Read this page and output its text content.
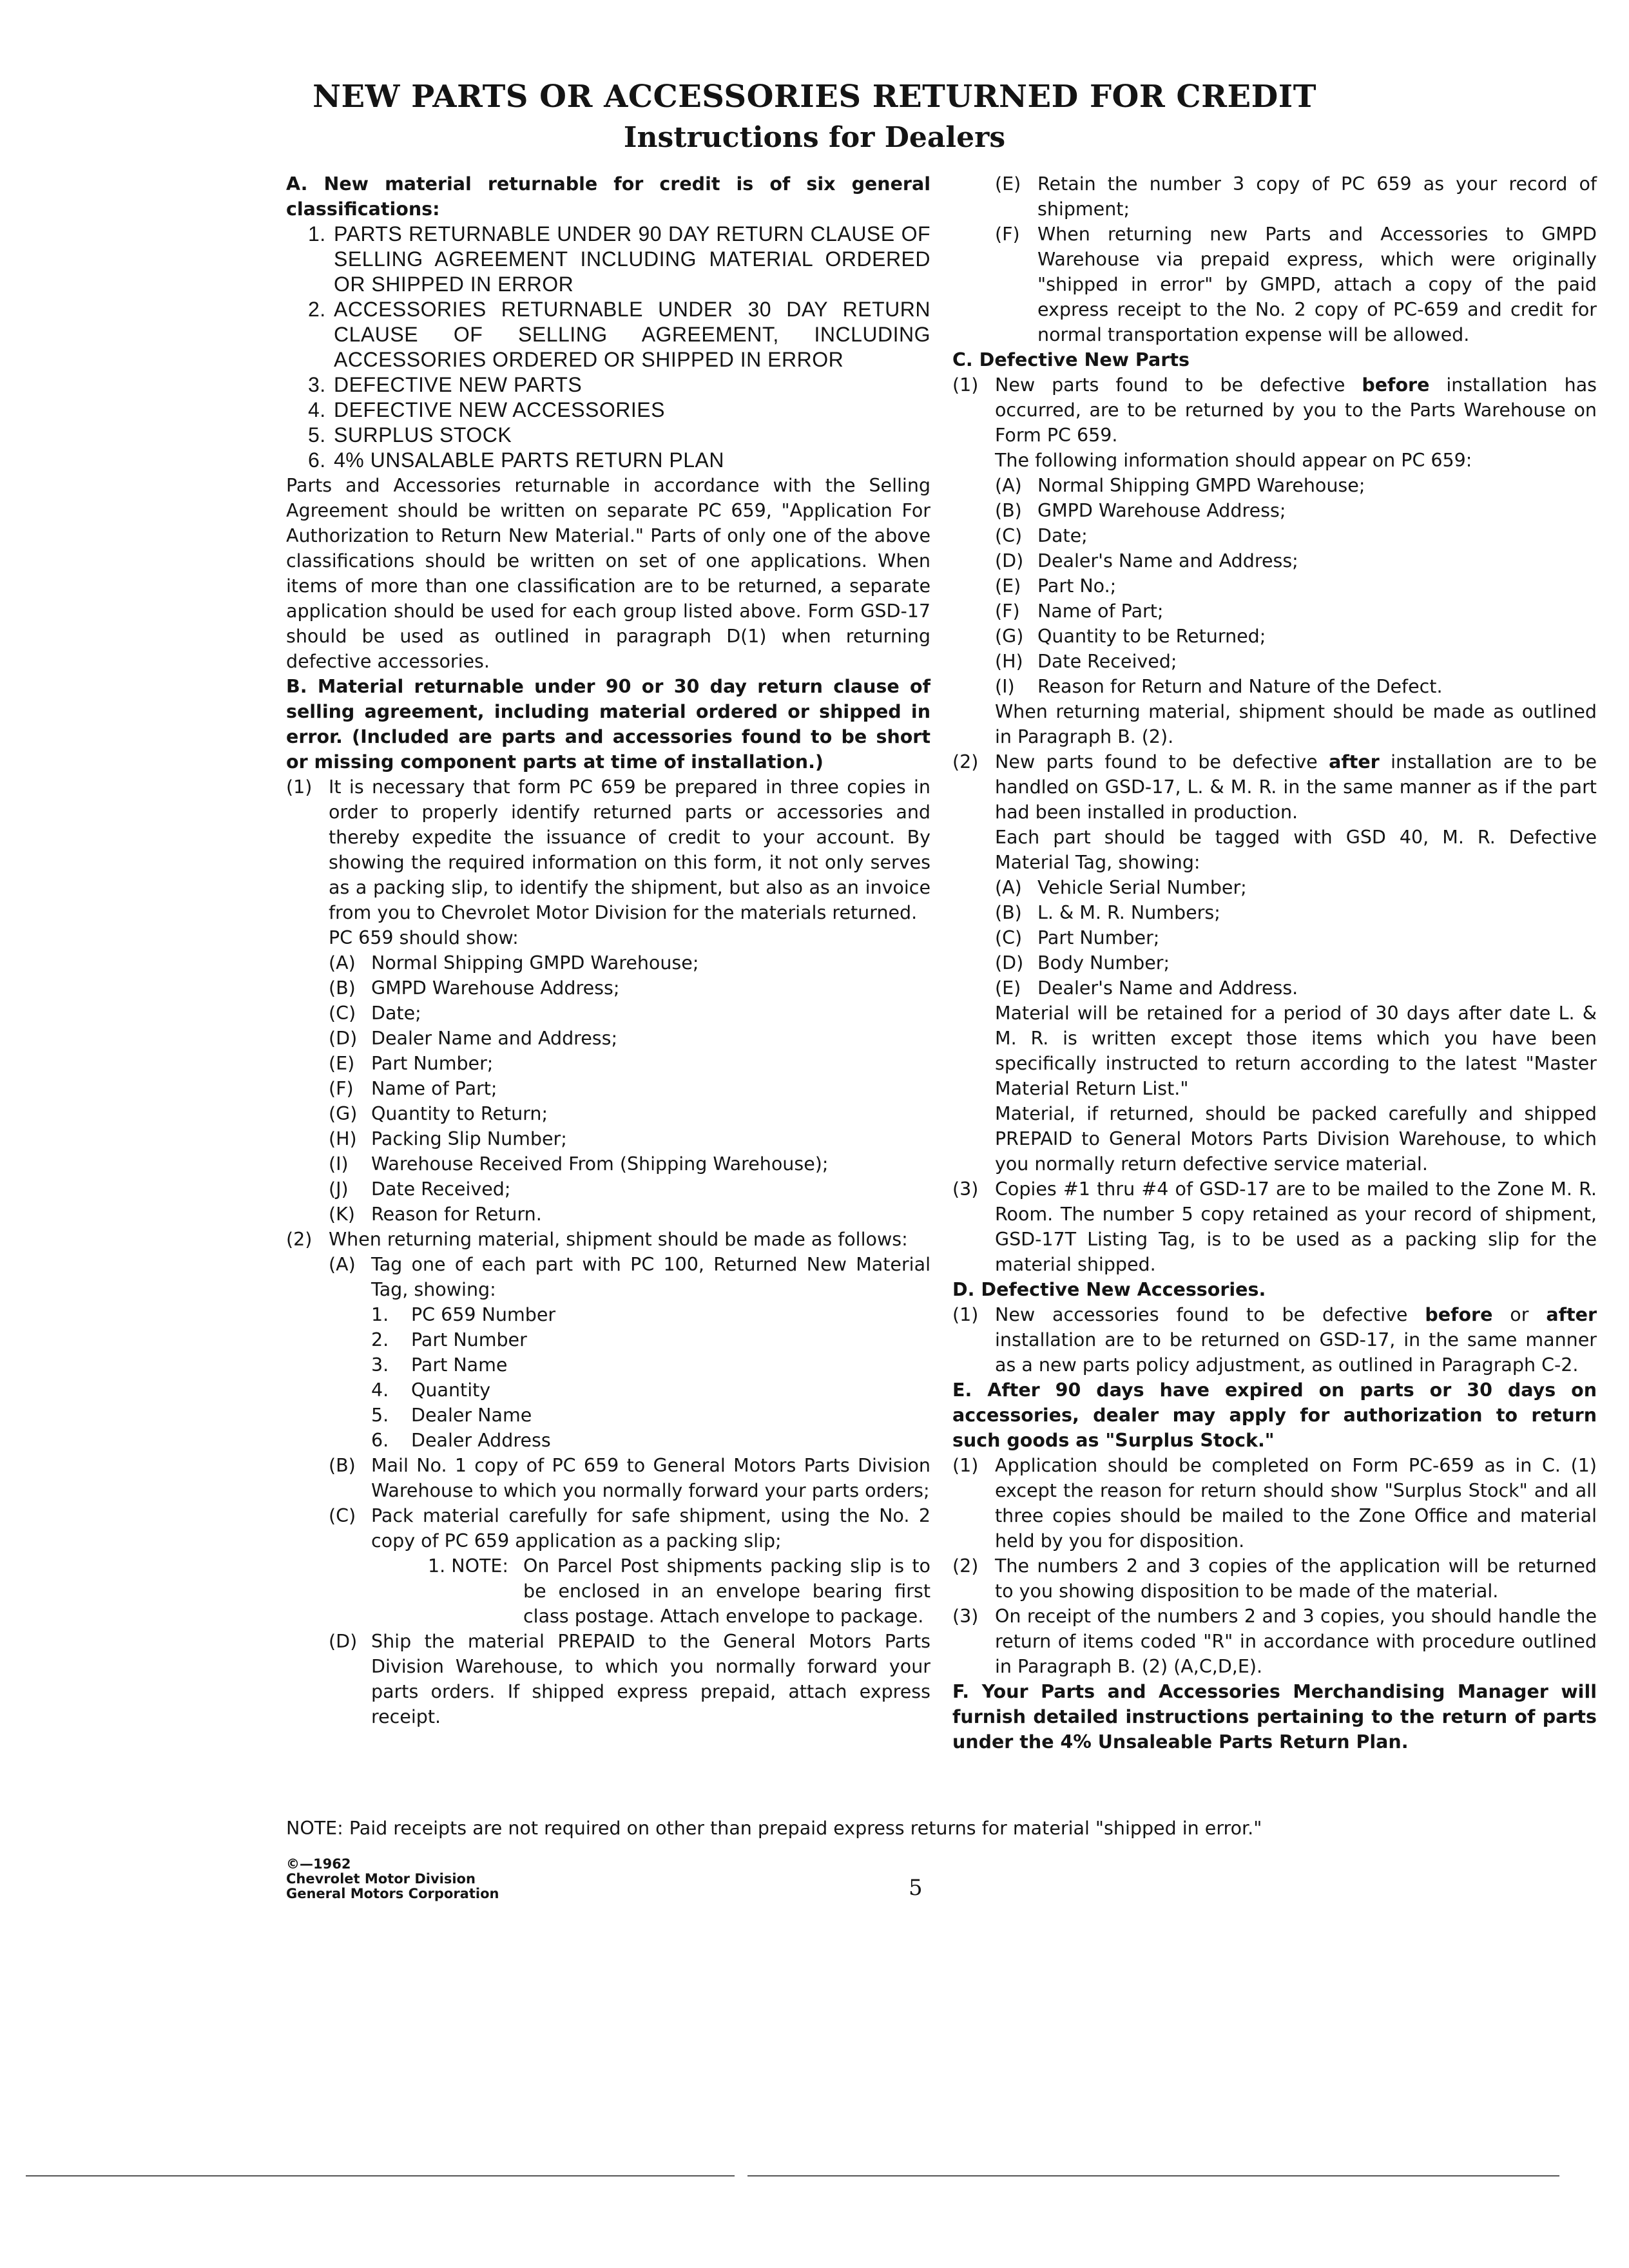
NEW PARTS OR ACCESSORIES RETURNED FOR CREDIT
Instructions for Dealers

A. New material returnable for credit is of six general classifications:

1. PARTS RETURNABLE UNDER 90 DAY RETURN CLAUSE OF SELLING AGREEMENT INCLUDING MATERIAL ORDERED OR SHIPPED IN ERROR
2. ACCESSORIES RETURNABLE UNDER 30 DAY RETURN CLAUSE OF SELLING AGREEMENT, INCLUDING ACCESSORIES ORDERED OR SHIPPED IN ERROR
3. DEFECTIVE NEW PARTS
4. DEFECTIVE NEW ACCESSORIES
5. SURPLUS STOCK
6. 4% UNSALABLE PARTS RETURN PLAN

Parts and Accessories returnable in accordance with the Selling Agreement should be written on separate PC 659, "Application For Authorization to Return New Material." Parts of only one of the above classifications should be written on set of one applications. When items of more than one classification are to be returned, a separate application should be used for each group listed above. Form GSD-17 should be used as outlined in paragraph D(1) when returning defective accessories.

B. Material returnable under 90 or 30 day return clause of selling agreement, including material ordered or shipped in error. (Included are parts and accessories found to be short or missing component parts at time of installation.)

(1) It is necessary that form PC 659 be prepared in three copies in order to properly identify returned parts or accessories and thereby expedite the issuance of credit to your account. By showing the required information on this form, it not only serves as a packing slip, to identify the shipment, but also as an invoice from you to Chevrolet Motor Division for the materials returned.

PC 659 should show:

(A) Normal Shipping GMPD Warehouse;
(B) GMPD Warehouse Address;
(C) Date;
(D) Dealer Name and Address;
(E) Part Number;
(F) Name of Part;
(G) Quantity to Return;
(H) Packing Slip Number;
(I)	Warehouse Received From (Shipping Warehouse);
(J)	Date Received;
(K) Reason for Return.
(2) When returning material, shipment should be made as follows:
(A) Tag one of each part with PC 100, Returned New Material Tag, showing:
1.	PC 659 Number
2.	Part Number
3.	Part Name
4.	Quantity
5.	Dealer Name
6.	Dealer Address
(B) Mail No. 1 copy of PC 659 to General Motors Parts Division Warehouse to which you normally forward your parts orders;
(C) Pack material carefully for safe shipment, using the No. 2 copy of PC 659 application as a packing slip;
1. NOTE: On Parcel Post shipments packing slip is to be enclosed in an envelope bearing first class postage. Attach envelope to package.
(D) Ship the material PREPAID to the General Motors Parts Division Warehouse, to which you normally forward your parts orders. If shipped express prepaid, attach express receipt.
(E) Retain the number 3 copy of PC 659 as your record of shipment;
(F) When returning new Parts and Accessories to GMPD Warehouse via prepaid express, which were originally "shipped in error" by GMPD, attach a copy of the paid express receipt to the No. 2 copy of PC-659 and credit for normal transportation expense will be allowed.

C. Defective New Parts

(1) New parts found to be defective before installation has occurred, are to be returned by you to the Parts Warehouse on Form PC 659.

The following information should appear on PC 659:

(A) Normal Shipping GMPD Warehouse;
(B) GMPD Warehouse Address;
(C) Date;
(D) Dealer's Name and Address;
(E) Part No.;
(F) Name of Part;
(G) Quantity to be Returned;
(H) Date Received;
(I)	Reason for Return and Nature of the Defect.

When returning material, shipment should be made as outlined in Paragraph B. (2).

(2) New parts found to be defective after installation are to be handled on GSD-17, L. & M. R. in the same manner as if the part had been installed in production.

Each part should be tagged with GSD 40, M. R. Defective Material Tag, showing:

(A) Vehicle Serial Number;
(B) L. & M. R. Numbers;
(C) Part Number;
(D) Body Number;
(E) Dealer's Name and Address.

Material will be retained for a period of 30 days after date L. & M. R. is written except those items which you have been specifically instructed to return according to the latest "Master Material Return List."

Material, if returned, should be packed carefully and shipped PREPAID to General Motors Parts Division Warehouse, to which you normally return defective service material.

(3) Copies #1 thru #4 of GSD-17 are to be mailed to the Zone M. R. Room. The number 5 copy retained as your record of shipment, GSD-17T Listing Tag, is to be used as a packing slip for the material shipped.

D. Defective New Accessories.

(1) New accessories found to be defective before or after installation are to be returned on GSD-17, in the same manner as a new parts policy adjustment, as outlined in Paragraph C-2.

E. After 90 days have expired on parts or 30 days on accessories, dealer may apply for authorization to return such goods as "Surplus Stock."

(1) Application should be completed on Form PC-659 as in C. (1) except the reason for return should show "Surplus Stock" and all three copies should be mailed to the Zone Office and material held by you for disposition.
(2) The numbers 2 and 3 copies of the application will be returned to you showing disposition to be made of the material.
(3) On receipt of the numbers 2 and 3 copies, you should handle the return of items coded "R" in accordance with procedure outlined in Paragraph B. (2) (A,C,D,E).

F. Your Parts and Accessories Merchandising Manager will furnish detailed instructions pertaining to the return of parts under the 4% Unsaleable Parts Return Plan.

NOTE: Paid receipts are not required on other than prepaid express returns for material "shipped in error."
©—1962
Chevrolet Motor Division
General Motors Corporation	5
